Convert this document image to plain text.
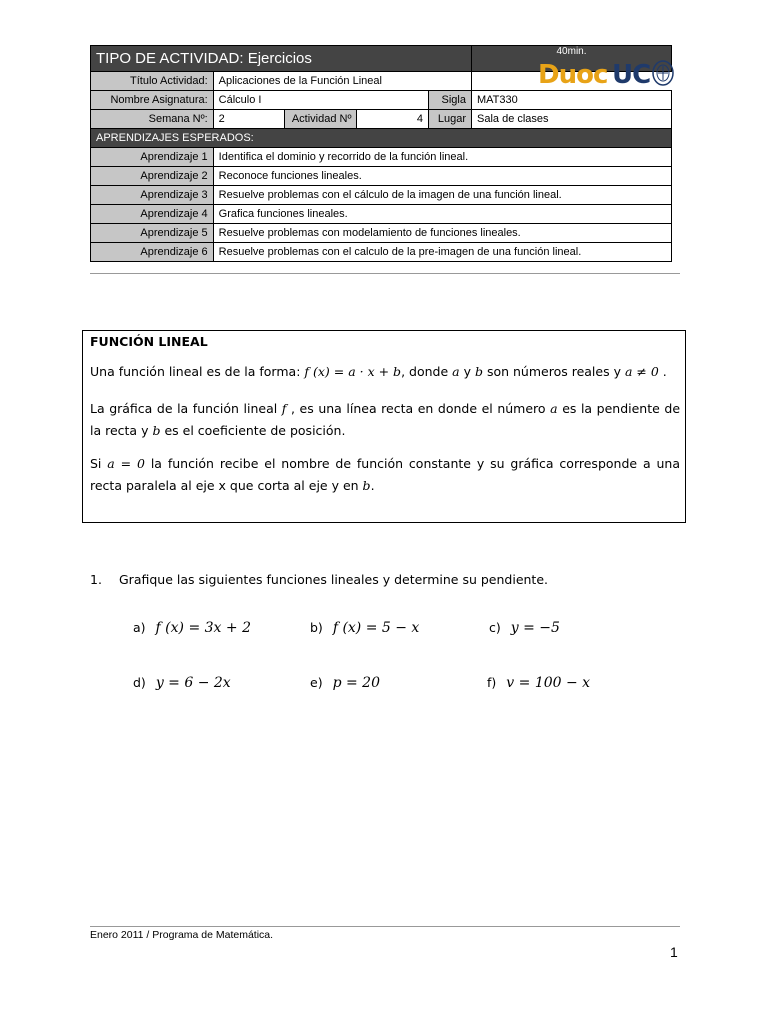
TIPO DE ACTIVIDAD: Ejercicios					40min.
Título Actividad:	Aplicaciones de la Función Lineal				
Nombre Asignatura:	Cálculo I			Sigla	MAT330
Semana Nº:	2	Actividad Nº	4	Lugar	Sala de clases
APRENDIZAJES ESPERADOS:					
Aprendizaje 1	Identifica el dominio y recorrido de la función lineal.				
Aprendizaje 2	Reconoce funciones lineales.				
Aprendizaje 3	Resuelve problemas con el cálculo de la imagen de una función lineal.				
Aprendizaje 4	Grafica funciones lineales.				
Aprendizaje 5	Resuelve problemas con modelamiento de funciones lineales.				
Aprendizaje 6	Resuelve problemas con el calculo de la pre-imagen de una función lineal.				
Duoc UC
FUNCIÓN LINEAL

Una función lineal es de la forma: f (x) = a · x + b, donde a y b son números reales y a ≠ 0 .

La gráfica de la función lineal f , es una línea recta en donde el número a es la pendiente de la recta y b es el coeficiente de posición.

Si a = 0 la función recibe el nombre de función constante y su gráfica corresponde a una recta paralela al eje x que corta al eje y en b.

1. Grafique las siguientes funciones lineales y determine su pendiente.
a) f (x) = 3x + 2	b) f (x) = 5 − x	c) y = −5
d) y = 6 − 2x	e) p = 20	f) v = 100 − x
Enero 2011 / Programa de Matemática.
1
